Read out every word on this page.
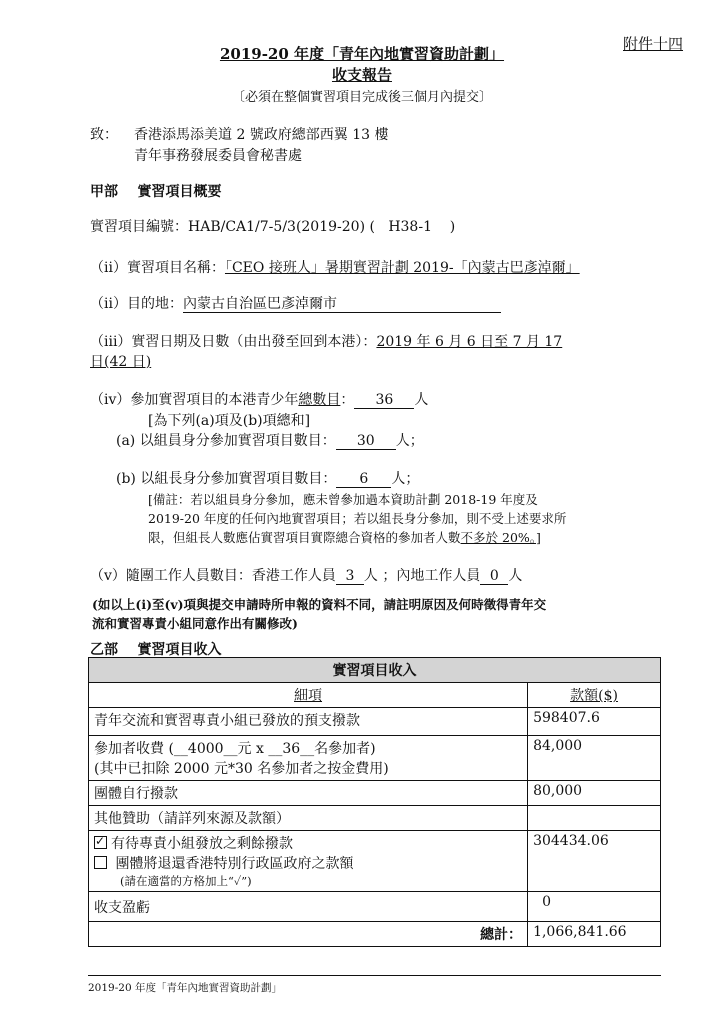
附件十四
2019-20 年度「青年內地實習資助計劃」
收支報告
〔必須在整個實習項目完成後三個月內提交〕
致： 香港添馬添美道 2 號政府總部西翼 13 樓
青年事務發展委員會秘書處
甲部 實習項目概要
實習項目編號：HAB/CA1/7-5/3(2019-20) ( H38-1 )
（ii）實習項目名稱：「CEO 接班人」暑期實習計劃 2019-「內蒙古巴彥淖爾」
（ii）目的地：內蒙古自治區巴彥淖爾市
（iii）實習日期及日數（由出發至回到本港）：2019 年 6 月 6 日至 7 月 17
日(42 日)
（iv）參加實習項目的本港青少年總數目： 36 人
[為下列(a)項及(b)項總和]
(a) 以組員身分參加實習項目數目： 30 人；
(b) 以組長身分參加實習項目數目： 6 人；
[備註：若以組員身分參加，應未曾參加過本資助計劃 2018-19 年度及
2019-20 年度的任何內地實習項目；若以組長身分參加，則不受上述要求所
限，但組長人數應佔實習項目實際總合資格的參加者人數不多於 20%。]
（v）隨團工作人員數目：香港工作人員 3 人 ；內地工作人員 0 人
(如以上(i)至(v)項與提交申請時所申報的資料不同，請註明原因及何時徵得青年交
流和實習專責小組同意作出有關修改)
乙部 實習項目收入
實習項目收入	
細項	款額($)
青年交流和實習專責小組已發放的預支撥款	598407.6

參加者收費 (__4000__元 x __36__名參加者)
(其中已扣除 2000 元*30 名參加者之按金費用)	84,000
團體自行撥款	80,000
其他贊助（請詳列來源及款額）	

✓有待專責小組發放之剩餘撥款
團體將退還香港特別行政區政府之款額
(請在適當的方格加上“✓”)	304434.06
收支盈虧	0
總計：	1,066,841.66
2019-20 年度「青年內地實習資助計劃」
